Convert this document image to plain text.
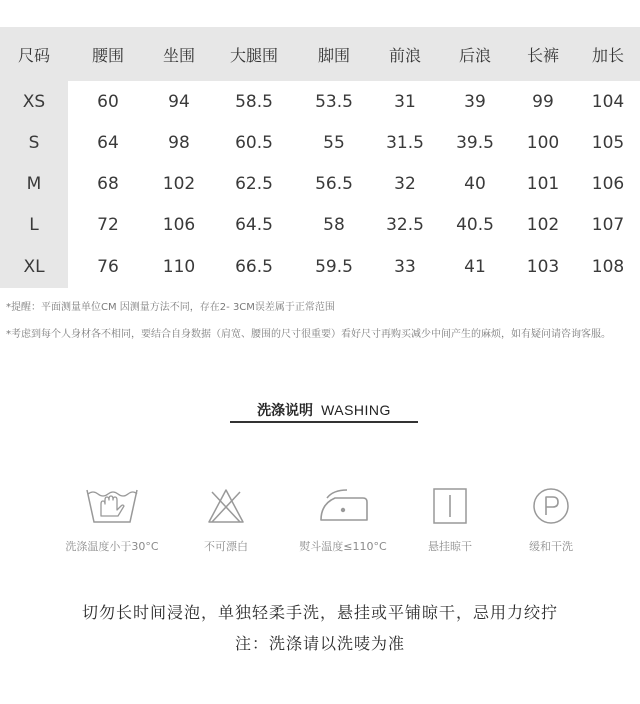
尺码	腰围	坐围	大腿围	脚围	前浪	后浪	长裤	加长
XS	60	94	58.5	53.5	31	39	99	104
S	64	98	60.5	55	31.5	39.5	100	105
M	68	102	62.5	56.5	32	40	101	106
L	72	106	64.5	58	32.5	40.5	102	107
XL	76	110	66.5	59.5	33	41	103	108
*提醒：平面测量单位CM 因测量方法不同，存在2- 3CM误差属于正常范围
*考虑到每个人身材各不相同，要结合自身数据（肩宽、腰围的尺寸很重要）看好尺寸再购买减少中间产生的麻烦，如有疑问请咨询客服。
洗涤说明 WASHING
洗涤温度小于30°C	不可漂白	熨斗温度≤110°C	悬挂晾干	缓和干洗
切勿长时间浸泡，单独轻柔手洗，悬挂或平铺晾干，忌用力绞拧
注：洗涤请以洗唛为准
